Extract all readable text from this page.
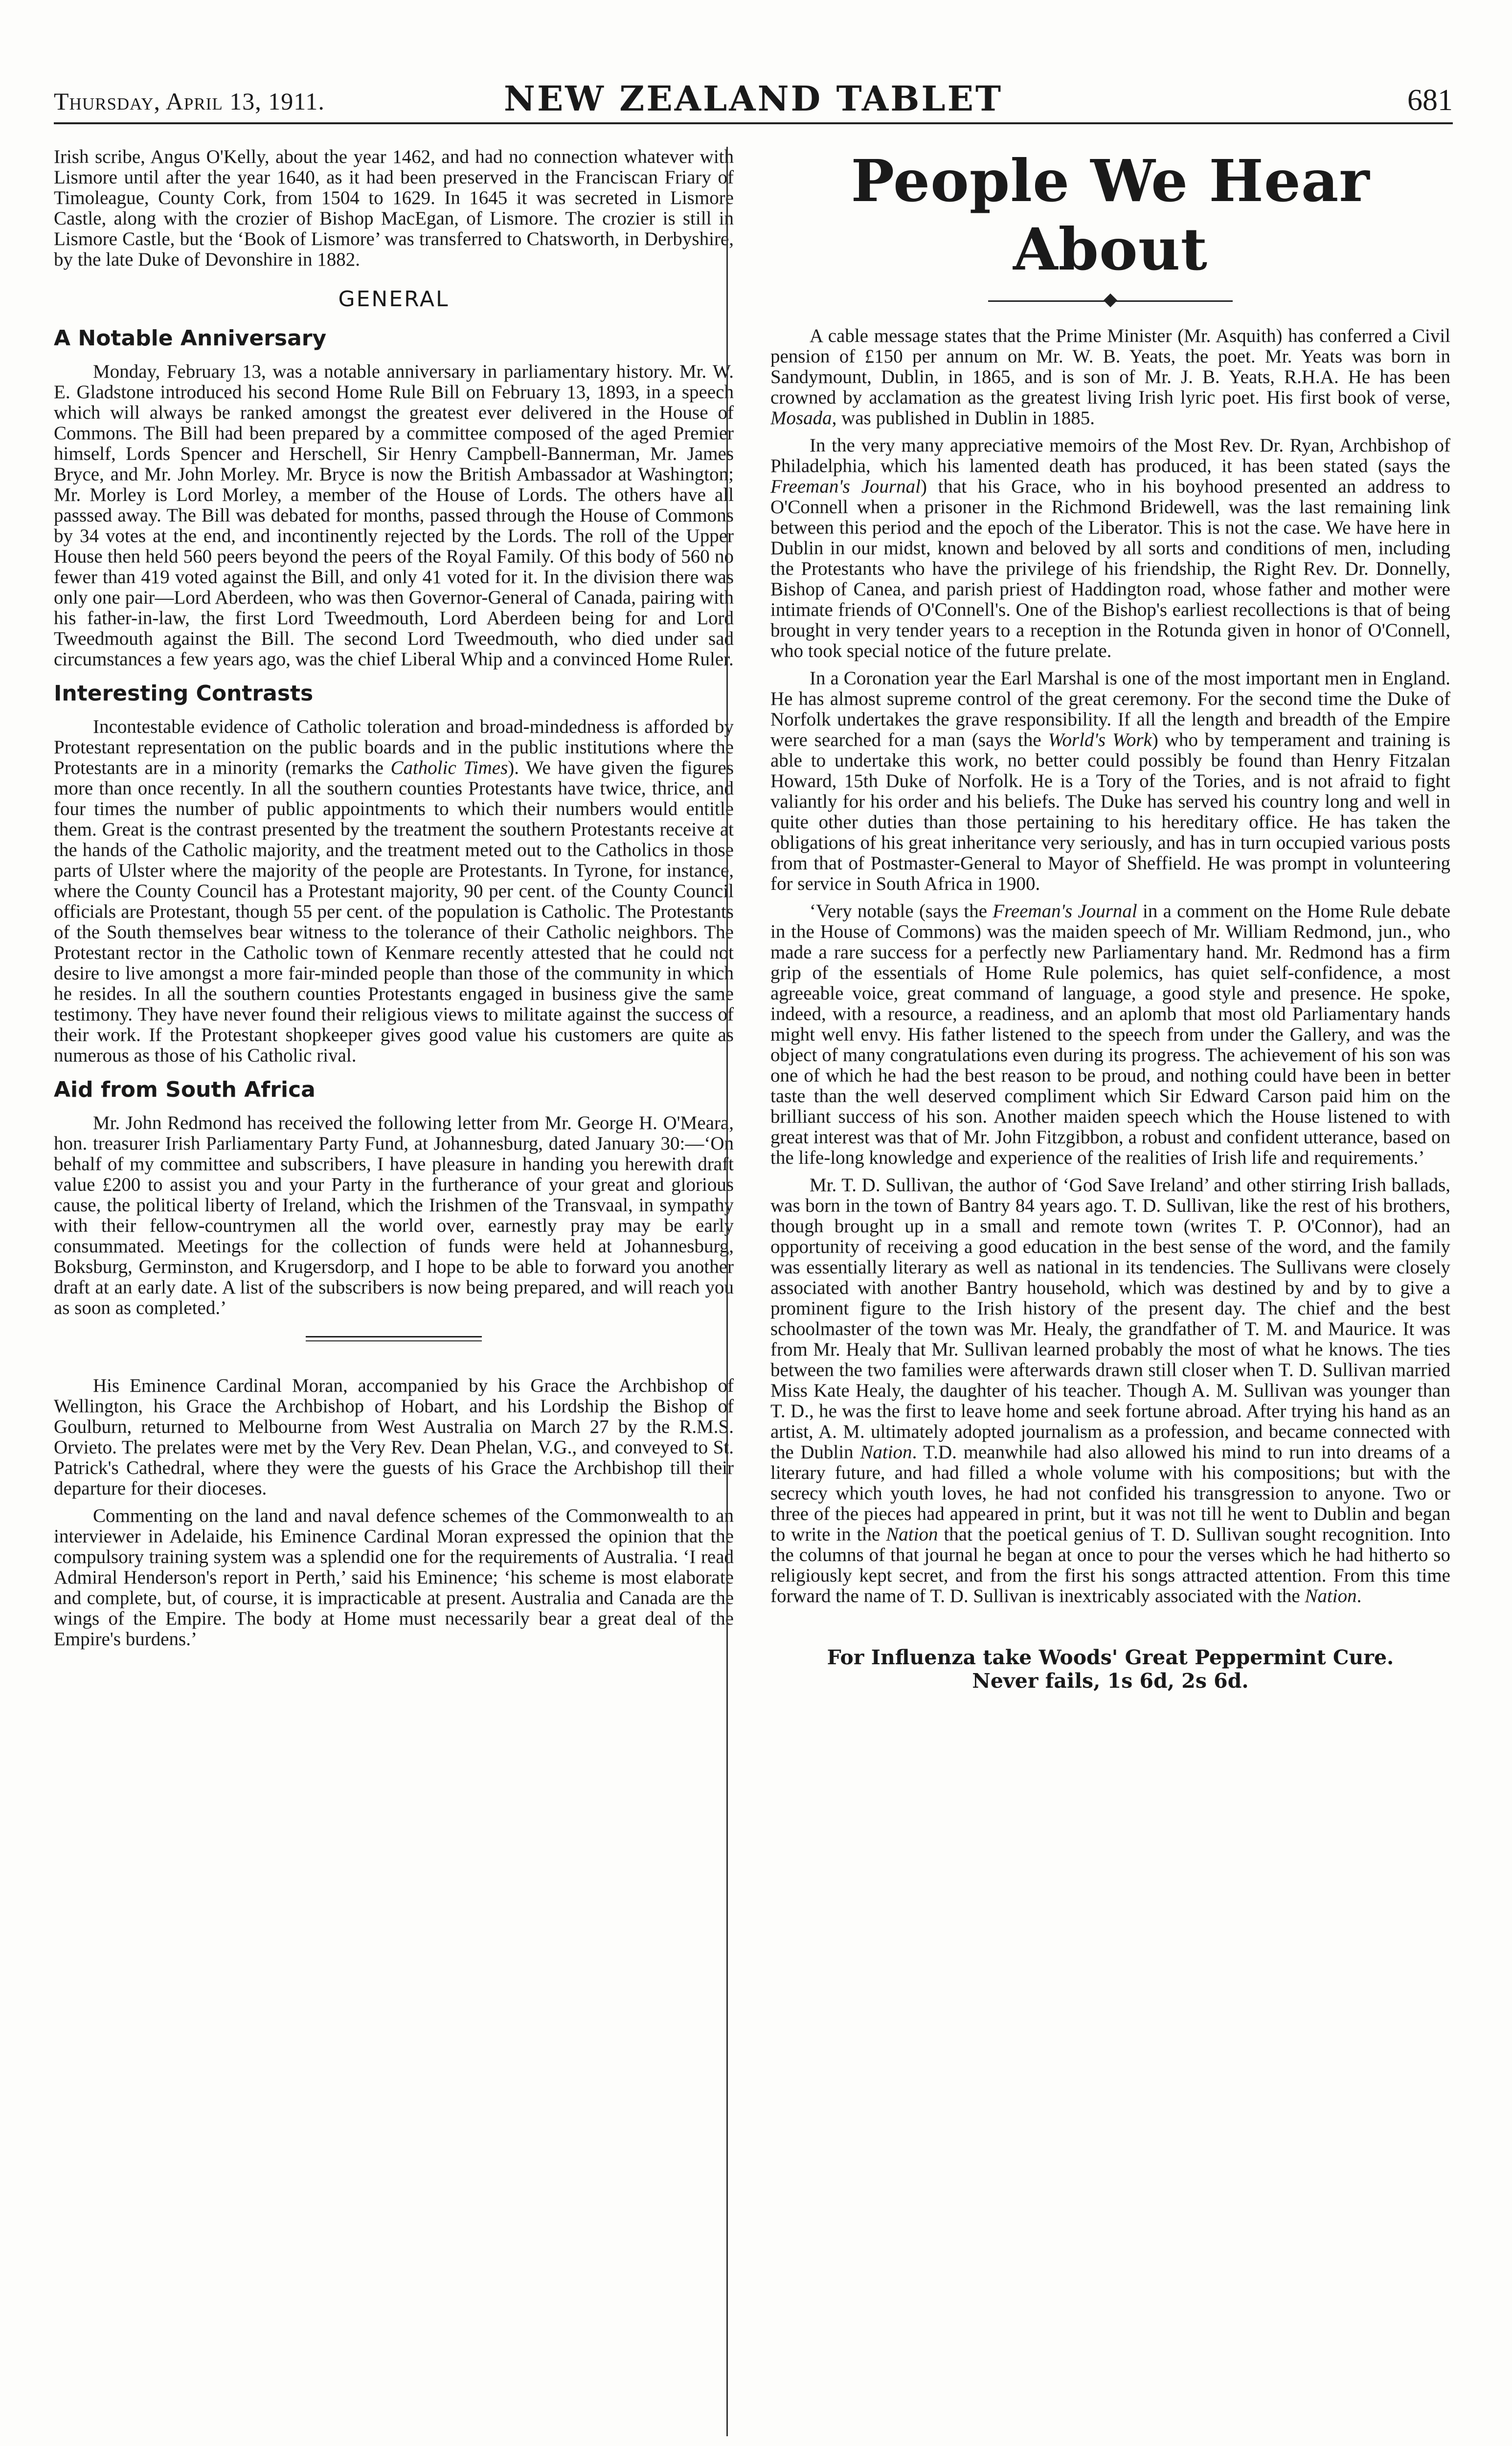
Thursday, April 13, 1911.	NEW ZEALAND TABLET	681

Irish scribe, Angus O'Kelly, about the year 1462, and had no connection whatever with Lismore until after the year 1640, as it had been preserved in the Franciscan Friary of Timoleague, County Cork, from 1504 to 1629. In 1645 it was secreted in Lismore Castle, along with the crozier of Bishop MacEgan, of Lismore. The crozier is still in Lismore Castle, but the ‘Book of Lismore’ was transferred to Chatsworth, in Derbyshire, by the late Duke of Devonshire in 1882.

GENERAL
A Notable Anniversary

Monday, February 13, was a notable anniversary in parliamentary history. Mr. W. E. Gladstone introduced his second Home Rule Bill on February 13, 1893, in a speech which will always be ranked amongst the greatest ever delivered in the House of Commons. The Bill had been prepared by a committee composed of the aged Premier himself, Lords Spencer and Herschell, Sir Henry Campbell-Bannerman, Mr. James Bryce, and Mr. John Morley. Mr. Bryce is now the British Ambassador at Washington; Mr. Morley is Lord Morley, a member of the House of Lords. The others have all passsed away. The Bill was debated for months, passed through the House of Commons by 34 votes at the end, and incontinently rejected by the Lords. The roll of the Upper House then held 560 peers beyond the peers of the Royal Family. Of this body of 560 no fewer than 419 voted against the Bill, and only 41 voted for it. In the division there was only one pair—Lord Aberdeen, who was then Governor-General of Canada, pairing with his father-in-law, the first Lord Tweedmouth, Lord Aberdeen being for and Lord Tweedmouth against the Bill. The second Lord Tweedmouth, who died under sad circumstances a few years ago, was the chief Liberal Whip and a convinced Home Ruler.

Interesting Contrasts

Incontestable evidence of Catholic toleration and broad-mindedness is afforded by Protestant representation on the public boards and in the public institutions where the Protestants are in a minority (remarks the Catholic Times). We have given the figures more than once recently. In all the southern counties Protestants have twice, thrice, and four times the number of public appointments to which their numbers would entitle them. Great is the contrast presented by the treatment the southern Protestants receive at the hands of the Catholic majority, and the treatment meted out to the Catholics in those parts of Ulster where the majority of the people are Protestants. In Tyrone, for instance, where the County Council has a Protestant majority, 90 per cent. of the County Council officials are Protestant, though 55 per cent. of the population is Catholic. The Protestants of the South themselves bear witness to the tolerance of their Catholic neighbors. The Protestant rector in the Catholic town of Kenmare recently attested that he could not desire to live amongst a more fair-minded people than those of the community in which he resides. In all the southern counties Protestants engaged in business give the same testimony. They have never found their religious views to militate against the success of their work. If the Protestant shopkeeper gives good value his customers are quite as numerous as those of his Catholic rival.

Aid from South Africa

Mr. John Redmond has received the following letter from Mr. George H. O'Meara, hon. treasurer Irish Parliamentary Party Fund, at Johannesburg, dated January 30:—‘On behalf of my committee and subscribers, I have pleasure in handing you herewith draft value £200 to assist you and your Party in the furtherance of your great and glorious cause, the political liberty of Ireland, which the Irishmen of the Transvaal, in sympathy with their fellow-countrymen all the world over, earnestly pray may be early consummated. Meetings for the collection of funds were held at Johannesburg, Boksburg, Germinston, and Krugersdorp, and I hope to be able to forward you another draft at an early date. A list of the subscribers is now being prepared, and will reach you as soon as completed.’

His Eminence Cardinal Moran, accompanied by his Grace the Archbishop of Wellington, his Grace the Archbishop of Hobart, and his Lordship the Bishop of Goulburn, returned to Melbourne from West Australia on March 27 by the R.M.S. Orvieto. The prelates were met by the Very Rev. Dean Phelan, V.G., and conveyed to St. Patrick's Cathedral, where they were the guests of his Grace the Archbishop till their departure for their dioceses.

Commenting on the land and naval defence schemes of the Commonwealth to an interviewer in Adelaide, his Eminence Cardinal Moran expressed the opinion that the compulsory training system was a splendid one for the requirements of Australia. ‘I read Admiral Henderson's report in Perth,’ said his Eminence; ‘his scheme is most elaborate and complete, but, of course, it is impracticable at present. Australia and Canada are the wings of the Empire. The body at Home must necessarily bear a great deal of the Empire's burdens.’

People We Hear About

A cable message states that the Prime Minister (Mr. Asquith) has conferred a Civil pension of £150 per annum on Mr. W. B. Yeats, the poet. Mr. Yeats was born in Sandymount, Dublin, in 1865, and is son of Mr. J. B. Yeats, R.H.A. He has been crowned by acclamation as the greatest living Irish lyric poet. His first book of verse, Mosada, was published in Dublin in 1885.

In the very many appreciative memoirs of the Most Rev. Dr. Ryan, Archbishop of Philadelphia, which his lamented death has produced, it has been stated (says the Freeman's Journal) that his Grace, who in his boyhood presented an address to O'Connell when a prisoner in the Richmond Bridewell, was the last remaining link between this period and the epoch of the Liberator. This is not the case. We have here in Dublin in our midst, known and beloved by all sorts and conditions of men, including the Protestants who have the privilege of his friendship, the Right Rev. Dr. Donnelly, Bishop of Canea, and parish priest of Haddington road, whose father and mother were intimate friends of O'Connell's. One of the Bishop's earliest recollections is that of being brought in very tender years to a reception in the Rotunda given in honor of O'Connell, who took special notice of the future prelate.

In a Coronation year the Earl Marshal is one of the most important men in England. He has almost supreme control of the great ceremony. For the second time the Duke of Norfolk undertakes the grave responsibility. If all the length and breadth of the Empire were searched for a man (says the World's Work) who by temperament and training is able to undertake this work, no better could possibly be found than Henry Fitzalan Howard, 15th Duke of Norfolk. He is a Tory of the Tories, and is not afraid to fight valiantly for his order and his beliefs. The Duke has served his country long and well in quite other duties than those pertaining to his hereditary office. He has taken the obligations of his great inheritance very seriously, and has in turn occupied various posts from that of Postmaster-General to Mayor of Sheffield. He was prompt in volunteering for service in South Africa in 1900.

‘Very notable (says the Freeman's Journal in a comment on the Home Rule debate in the House of Commons) was the maiden speech of Mr. William Redmond, jun., who made a rare success for a perfectly new Parliamentary hand. Mr. Redmond has a firm grip of the essentials of Home Rule polemics, has quiet self-confidence, a most agreeable voice, great command of language, a good style and presence. He spoke, indeed, with a resource, a readiness, and an aplomb that most old Parliamentary hands might well envy. His father listened to the speech from under the Gallery, and was the object of many congratulations even during its progress. The achievement of his son was one of which he had the best reason to be proud, and nothing could have been in better taste than the well deserved compliment which Sir Edward Carson paid him on the brilliant success of his son. Another maiden speech which the House listened to with great interest was that of Mr. John Fitzgibbon, a robust and confident utterance, based on the life-long knowledge and experience of the realities of Irish life and requirements.’

Mr. T. D. Sullivan, the author of ‘God Save Ireland’ and other stirring Irish ballads, was born in the town of Bantry 84 years ago. T. D. Sullivan, like the rest of his brothers, though brought up in a small and remote town (writes T. P. O'Connor), had an opportunity of receiving a good education in the best sense of the word, and the family was essentially literary as well as national in its tendencies. The Sullivans were closely associated with another Bantry household, which was destined by and by to give a prominent figure to the Irish history of the present day. The chief and the best schoolmaster of the town was Mr. Healy, the grandfather of T. M. and Maurice. It was from Mr. Healy that Mr. Sullivan learned probably the most of what he knows. The ties between the two families were afterwards drawn still closer when T. D. Sullivan married Miss Kate Healy, the daughter of his teacher. Though A. M. Sullivan was younger than T. D., he was the first to leave home and seek fortune abroad. After trying his hand as an artist, A. M. ultimately adopted journalism as a profession, and became connected with the Dublin Nation. T.D. meanwhile had also allowed his mind to run into dreams of a literary future, and had filled a whole volume with his compositions; but with the secrecy which youth loves, he had not confided his transgression to anyone. Two or three of the pieces had appeared in print, but it was not till he went to Dublin and began to write in the Nation that the poetical genius of T. D. Sullivan sought recognition. Into the columns of that journal he began at once to pour the verses which he had hitherto so religiously kept secret, and from the first his songs attracted attention. From this time forward the name of T. D. Sullivan is inextricably associated with the Nation.

For Influenza take Woods' Great Peppermint Cure.
Never fails, 1s 6d, 2s 6d.
